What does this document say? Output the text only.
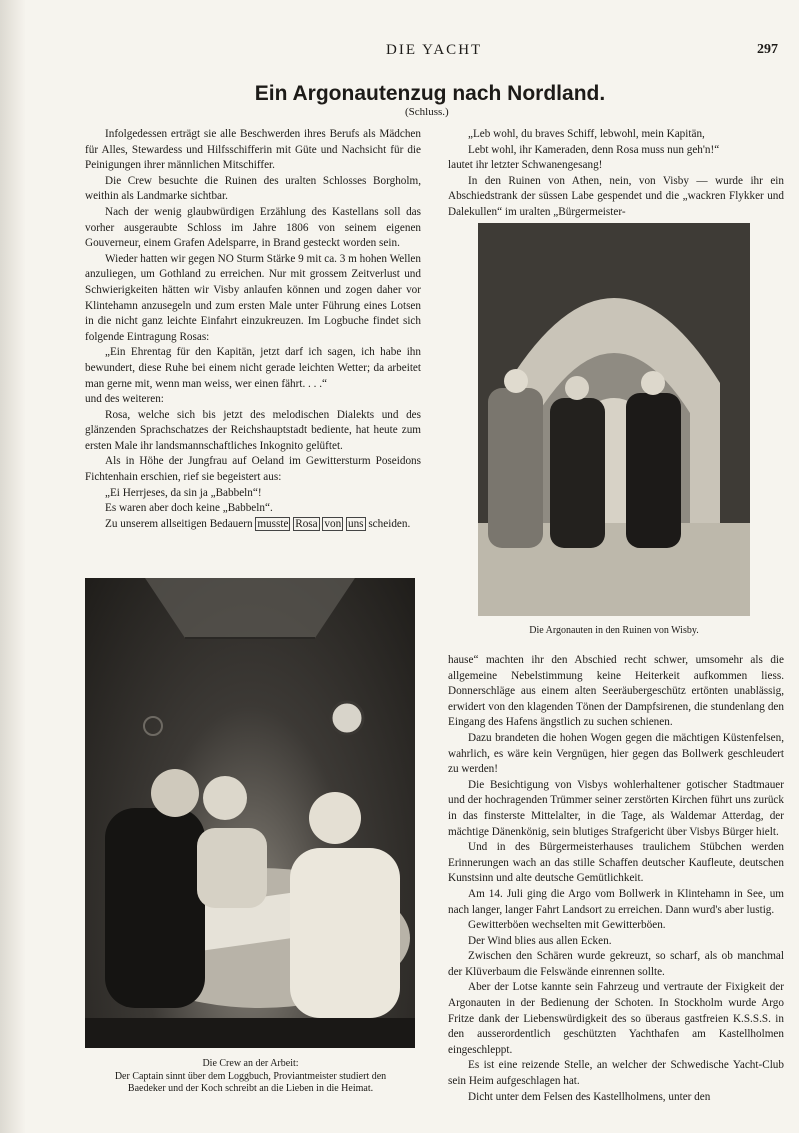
DIE YACHT	297
Ein Argonautenzug nach Nordland.
(Schluss.)

Infolgedessen erträgt sie alle Beschwerden ihres Berufs als Mädchen für Alles, Stewardess und Hilfsschifferin mit Güte und Nachsicht für die Peinigungen ihrer männlichen Mitschiffer.

Die Crew besuchte die Ruinen des uralten Schlosses Borgholm, weithin als Landmarke sichtbar.

Nach der wenig glaubwürdigen Erzählung des Kastellans soll das vorher ausgeraubte Schloss im Jahre 1806 von seinem eigenen Gouverneur, einem Grafen Adelsparre, in Brand gesteckt worden sein.

Wieder hatten wir gegen NO Sturm Stärke 9 mit ca. 3 m hohen Wellen anzuliegen, um Gothland zu erreichen. Nur mit grossem Zeitverlust und Schwierigkeiten hätten wir Visby anlaufen können und zogen daher vor Klintehamn anzusegeln und zum ersten Male unter Führung eines Lotsen in die nicht ganz leichte Einfahrt einzukreuzen. Im Logbuche findet sich folgende Eintragung Rosas:

„Ein Ehrentag für den Kapitän, jetzt darf ich sagen, ich habe ihn bewundert, diese Ruhe bei einem nicht gerade leichten Wetter; da arbeitet man gerne mit, wenn man weiss, wer einen fährt. . . .“

und des weiteren:

Rosa, welche sich bis jetzt des melodischen Dialekts und des glänzenden Sprachschatzes der Reichshauptstadt bediente, hat heute zum ersten Male ihr landsmannschaftliches Inkognito gelüftet.

Als in Höhe der Jungfrau auf Oeland im Gewittersturm Poseidons Fichtenhain erschien, rief sie begeistert aus:

„Ei Herrjeses, da sin ja „Babbeln“!

Es waren aber doch keine „Babbeln“.

Zu unserem allseitigen Bedauern musste Rosa von uns scheiden.

Die Crew an der Arbeit:
Der Captain sinnt über dem Loggbuch, Proviantmeister studiert den
Baedeker und der Koch schreibt an die Lieben in die Heimat.

„Leb wohl, du braves Schiff, lebwohl, mein Kapitän,

Lebt wohl, ihr Kameraden, denn Rosa muss nun geh'n!“

lautet ihr letzter Schwanengesang!

In den Ruinen von Athen, nein, von Visby — wurde ihr ein Abschiedstrank der süssen Labe gespendet und die „wackren Flykker und Dalekullen“ im uralten „Bürgermeister-

Die Argonauten in den Ruinen von Wisby.

hause“ machten ihr den Abschied recht schwer, umsomehr als die allgemeine Nebelstimmung keine Heiterkeit aufkommen liess. Donnerschläge aus einem alten Seeräubergeschütz ertönten unablässig, erwidert von den klagenden Tönen der Dampfsirenen, die stundenlang den Eingang des Hafens ängstlich zu suchen schienen.

Dazu brandeten die hohen Wogen gegen die mächtigen Küstenfelsen, wahrlich, es wäre kein Vergnügen, hier gegen das Bollwerk geschleudert zu werden!

Die Besichtigung von Visbys wohlerhaltener gotischer Stadtmauer und der hochragenden Trümmer seiner zerstörten Kirchen führt uns zurück in das finsterste Mittelalter, in die Tage, als Waldemar Atterdag, der mächtige Dänenkönig, sein blutiges Strafgericht über Visbys Bürger hielt.

Und in des Bürgermeisterhauses traulichem Stübchen werden Erinnerungen wach an das stille Schaffen deutscher Kaufleute, deutschen Kunstsinn und alte deutsche Gemütlichkeit.

Am 14. Juli ging die Argo vom Bollwerk in Klintehamn in See, um nach langer, langer Fahrt Landsort zu erreichen. Dann wurd's aber lustig.

Gewitterböen wechselten mit Gewitterböen.

Der Wind blies aus allen Ecken.

Zwischen den Schären wurde gekreuzt, so scharf, als ob manchmal der Klüverbaum die Felswände einrennen sollte.

Aber der Lotse kannte sein Fahrzeug und vertraute der Fixigkeit der Argonauten in der Bedienung der Schoten. In Stockholm wurde Argo Fritze dank der Liebenswürdigkeit des so überaus gastfreien K.S.S.S. in den ausserordentlich geschützten Yachthafen am Kastellholmen eingeschleppt.

Es ist eine reizende Stelle, an welcher der Schwedische Yacht-Club sein Heim aufgeschlagen hat.

Dicht unter dem Felsen des Kastellholmens, unter den
